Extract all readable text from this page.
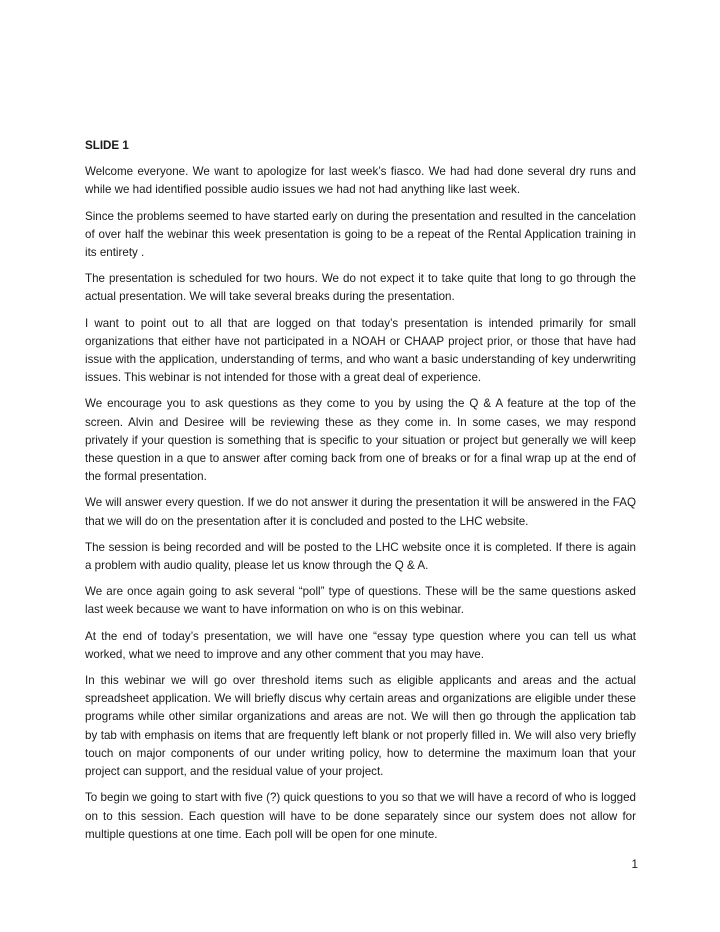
SLIDE 1

Welcome everyone. We want to apologize for last week’s fiasco. We had had done several dry runs and while we had identified possible audio issues we had not had anything like last week.

Since the problems seemed to have started early on during the presentation and resulted in the cancelation of over half the webinar this week presentation is going to be a repeat of the Rental Application training in its entirety .

The presentation is scheduled for two hours. We do not expect it to take quite that long to go through the actual presentation. We will take several breaks during the presentation.

I want to point out to all that are logged on that today’s presentation is intended primarily for small organizations that either have not participated in a NOAH or CHAAP project prior, or those that have had issue with the application, understanding of terms, and who want a basic understanding of key underwriting issues. This webinar is not intended for those with a great deal of experience.

We encourage you to ask questions as they come to you by using the Q & A feature at the top of the screen. Alvin and Desiree will be reviewing these as they come in. In some cases, we may respond privately if your question is something that is specific to your situation or project but generally we will keep these question in a que to answer after coming back from one of breaks or for a final wrap up at the end of the formal presentation.

We will answer every question. If we do not answer it during the presentation it will be answered in the FAQ that we will do on the presentation after it is concluded and posted to the LHC website.

The session is being recorded and will be posted to the LHC website once it is completed. If there is again a problem with audio quality, please let us know through the Q & A.

We are once again going to ask several “poll” type of questions. These will be the same questions asked last week because we want to have information on who is on this webinar.

At the end of today’s presentation, we will have one “essay type question where you can tell us what worked, what we need to improve and any other comment that you may have.

In this webinar we will go over threshold items such as eligible applicants and areas and the actual spreadsheet application. We will briefly discus why certain areas and organizations are eligible under these programs while other similar organizations and areas are not. We will then go through the application tab by tab with emphasis on items that are frequently left blank or not properly filled in. We will also very briefly touch on major components of our under writing policy, how to determine the maximum loan that your project can support, and the residual value of your project.

To begin we going to start with five (?) quick questions to you so that we will have a record of who is logged on to this session. Each question will have to be done separately since our system does not allow for multiple questions at one time. Each poll will be open for one minute.

1
